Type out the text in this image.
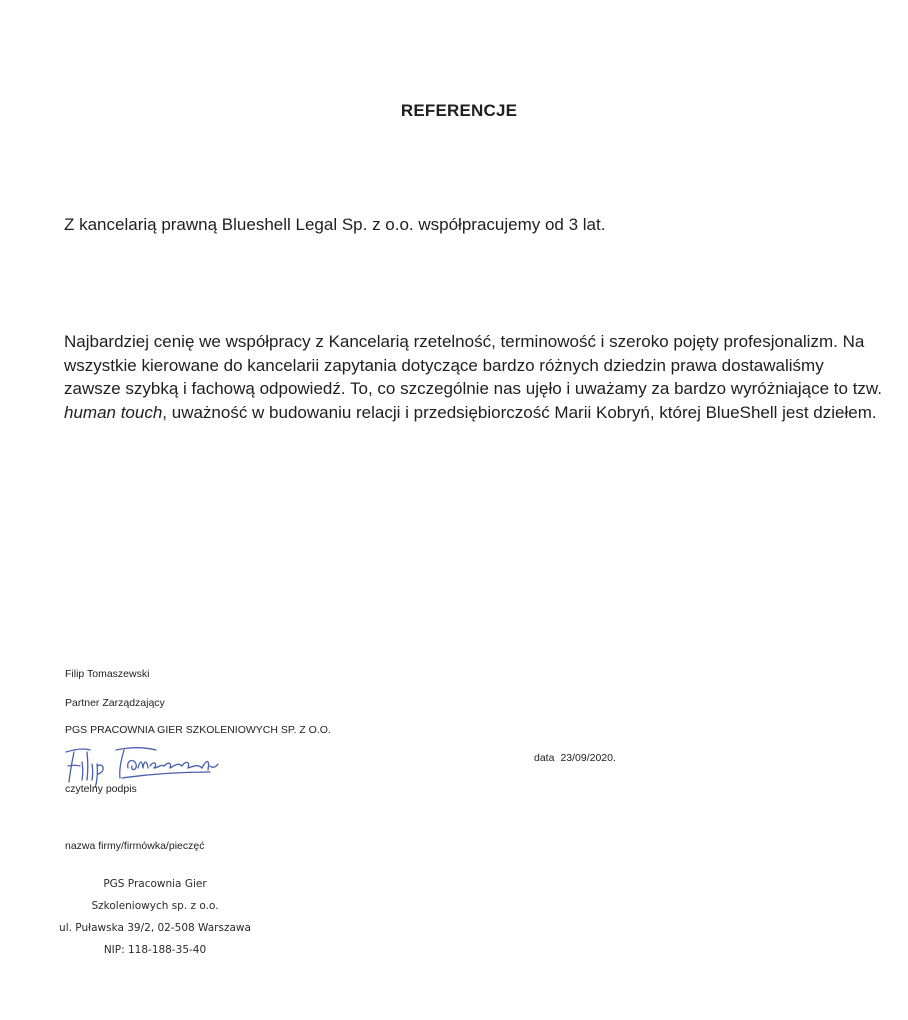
REFERENCJE
Z kancelarią prawną Blueshell Legal Sp. z o.o. współpracujemy od 3 lat.
Najbardziej cenię we współpracy z Kancelarią rzetelność, terminowość i szeroko pojęty profesjonalizm. Na wszystkie kierowane do kancelarii zapytania dotyczące bardzo różnych dziedzin prawa dostawaliśmy zawsze szybką i fachową odpowiedź. To, co szczególnie nas ujęło i uważamy za bardzo wyróżniające to tzw. human touch, uważność w budowaniu relacji i przedsiębiorczość Marii Kobryń, której BlueShell jest dziełem.
Filip Tomaszewski
Partner Zarządzający
PGS PRACOWNIA GIER SZKOLENIOWYCH SP. Z O.O.
czytelny podpis
data 23/09/2020.
nazwa firmy/firmówka/pieczęć
PGS Pracownia Gier
Szkoleniowych sp. z o.o.
ul. Puławska 39/2, 02-508 Warszawa
NIP: 118-188-35-40
